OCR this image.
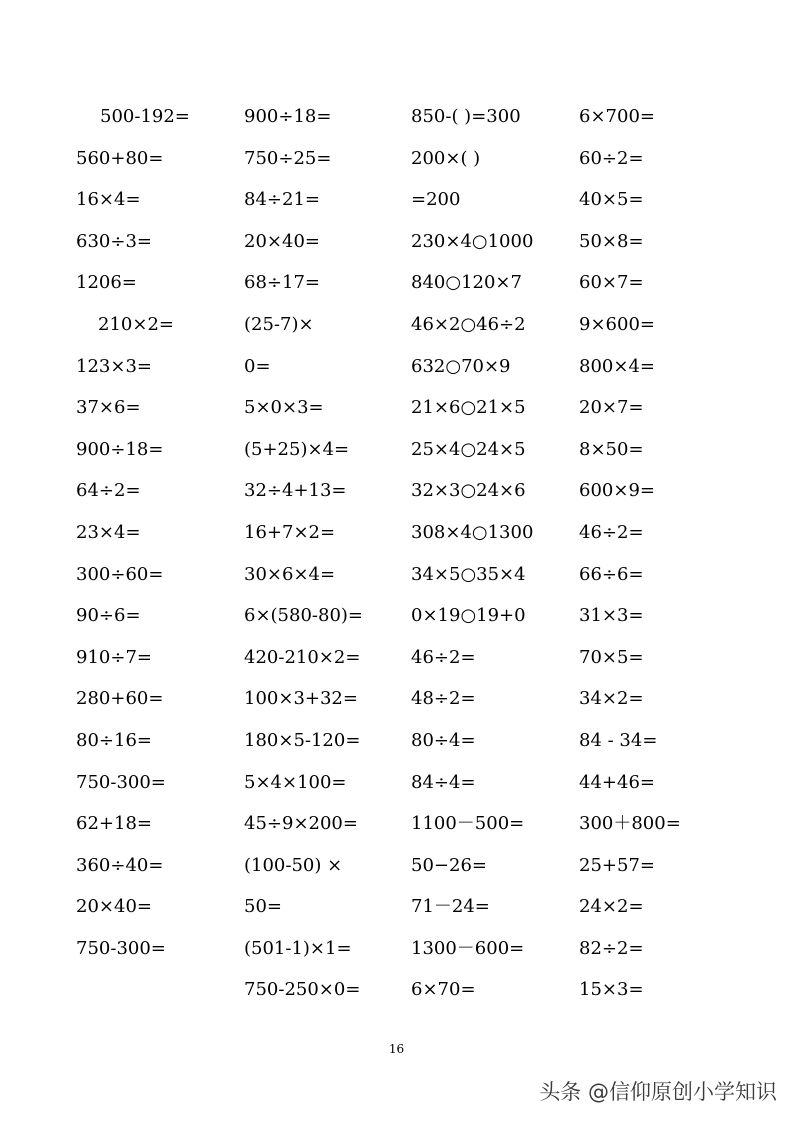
500-192=
560+80=
16×4=
630÷3=
1206=
210×2=
123×3=
37×6=
900÷18=
64÷2=
23×4=
300÷60=
90÷6=
910÷7=
280+60=
80÷16=
750-300=
62+18=
360÷40=
20×40=
750-300=
900÷18=
750÷25=
84÷21=
20×40=
68÷17=
(25-7)×
0=
5×0×3=
(5+25)×4=
32÷4+13=
16+7×2=
30×6×4=
6×(580-80)=
420-210×2=
100×3+32=
180×5-120=
5×4×100=
45÷9×200=
(100-50) ×
50=
(501-1)×1=
750-250×0=
850-( )=300
200×( )
=200
230×4○1000
840○120×7
46×2○46÷2
632○70×9
21×6○21×5
25×4○24×5
32×3○24×6
308×4○1300
34×5○35×4
0×19○19+0
46÷2=
48÷2=
80÷4=
84÷4=
1100－500=
50−26=
71－24=
1300－600=
6×70=
6×700=
60÷2=
40×5=
50×8=
60×7=
9×600=
800×4=
20×7=
8×50=
600×9=
46÷2=
66÷6=
31×3=
70×5=
34×2=
84 - 34=
44+46=
300＋800=
25+57=
24×2=
82÷2=
15×3=
16
头条 @信仰原创小学知识
